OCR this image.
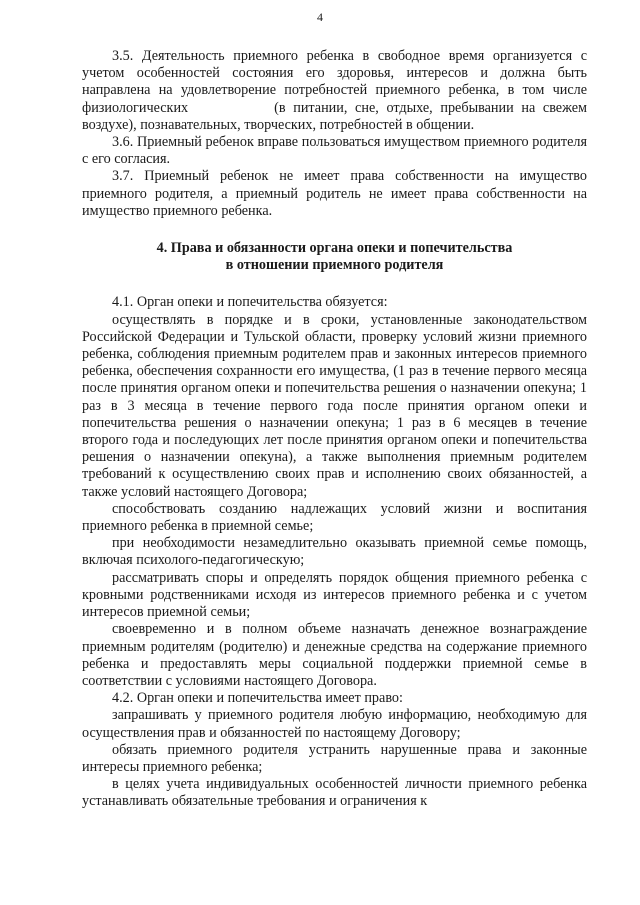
4

3.5. Деятельность приемного ребенка в свободное время организуется с учетом особенностей состояния его здоровья, интересов и должна быть направлена на удовлетворение потребностей приемного ребенка, в том числе физиологических	(в питании, сне, отдыхе, пребывании на свежем воздухе), познавательных, творческих, потребностей в общении.

3.6. Приемный ребенок вправе пользоваться имуществом приемного родителя с его согласия.

3.7. Приемный ребенок не имеет права собственности на имущество приемного родителя, а приемный родитель не имеет права собственности на имущество приемного ребенка.

4. Права и обязанности органа опеки и попечительства
в отношении приемного родителя

4.1. Орган опеки и попечительства обязуется:

осуществлять в порядке и в сроки, установленные законодательством Российской Федерации и Тульской области, проверку условий жизни приемного ребенка, соблюдения приемным родителем прав и законных интересов приемного ребенка, обеспечения сохранности его имущества, (1 раз в течение первого месяца после принятия органом опеки и попечительства решения о назначении опекуна; 1 раз в 3 месяца в течение первого года после принятия органом опеки и попечительства решения о назначении опекуна; 1 раз в 6 месяцев в течение второго года и последующих лет после принятия органом опеки и попечительства решения о назначении опекуна), а также выполнения приемным родителем требований к осуществлению своих прав и исполнению своих обязанностей, а также условий настоящего Договора;

способствовать созданию надлежащих условий жизни и воспитания приемного ребенка в приемной семье;

при необходимости незамедлительно оказывать приемной семье помощь, включая психолого-педагогическую;

рассматривать споры и определять порядок общения приемного ребенка с кровными родственниками исходя из интересов приемного ребенка и с учетом интересов приемной семьи;

своевременно и в полном объеме назначать денежное вознаграждение приемным родителям (родителю) и денежные средства на содержание приемного ребенка и предоставлять меры социальной поддержки приемной семье в соответствии с условиями настоящего Договора.

4.2. Орган опеки и попечительства имеет право:

запрашивать у приемного родителя любую информацию, необходимую для осуществления прав и обязанностей по настоящему Договору;

обязать приемного родителя устранить нарушенные права и законные интересы приемного ребенка;

в целях учета индивидуальных особенностей личности приемного ребенка устанавливать обязательные требования и ограничения к
